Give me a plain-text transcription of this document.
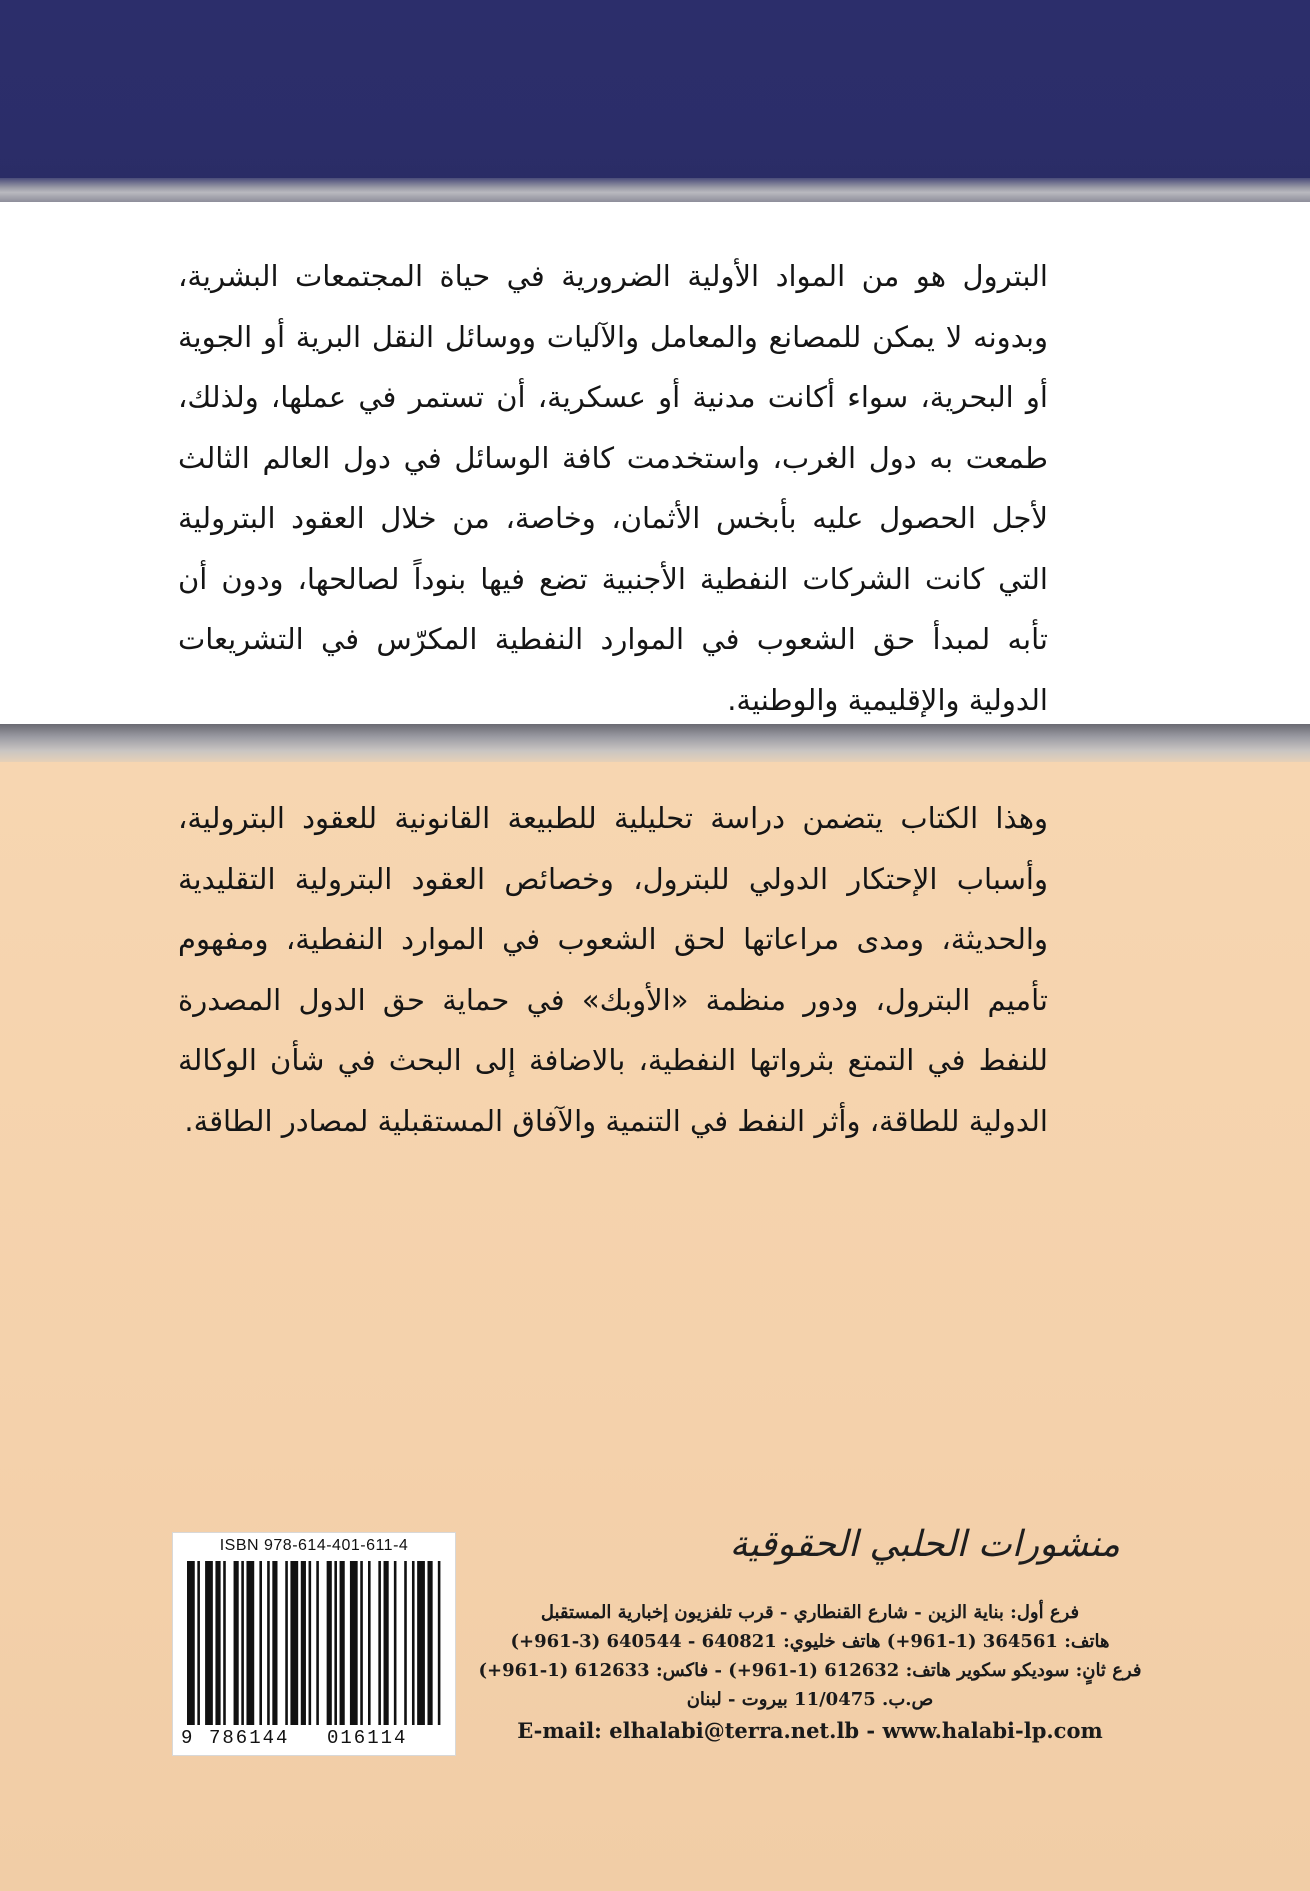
البترول هو من المواد الأولية الضرورية في حياة المجتمعات البشرية، وبدونه لا يمكن للمصانع والمعامل والآليات ووسائل النقل البرية أو الجوية أو البحرية، سواء أكانت مدنية أو عسكرية، أن تستمر في عملها، ولذلك، طمعت به دول الغرب، واستخدمت كافة الوسائل في دول العالم الثالث لأجل الحصول عليه بأبخس الأثمان، وخاصة، من خلال العقود البترولية التي كانت الشركات النفطية الأجنبية تضع فيها بنوداً لصالحها، ودون أن تأبه لمبدأ حق الشعوب في الموارد النفطية المكرّس في التشريعات الدولية والإقليمية والوطنية.

وهذا الكتاب يتضمن دراسة تحليلية للطبيعة القانونية للعقود البترولية، وأسباب الإحتكار الدولي للبترول، وخصائص العقود البترولية التقليدية والحديثة، ومدى مراعاتها لحق الشعوب في الموارد النفطية، ومفهوم تأميم البترول، ودور منظمة «الأوبك» في حماية حق الدول المصدرة للنفط في التمتع بثرواتها النفطية، بالاضافة إلى البحث في شأن الوكالة الدولية للطاقة، وأثر النفط في التنمية والآفاق المستقبلية لمصادر الطاقة.

منشورات الحلبي الحقوقية
فرع أول: بناية الزين - شارع القنطاري - قرب تلفزيون إخبارية المستقبل
هاتف: 364561 (1-961+) هاتف خليوي: 640821 - 640544 (3-961+)
فرع ثانٍ: سوديكو سكوير هاتف: 612632 (1-961+) - فاكس: 612633 (1-961+)
ص.ب. 11/0475 بيروت - لبنان
E-mail: elhalabi@terra.net.lb - www.halabi-lp.com
ISBN 978-614-401-611-4
9 786144 016114
